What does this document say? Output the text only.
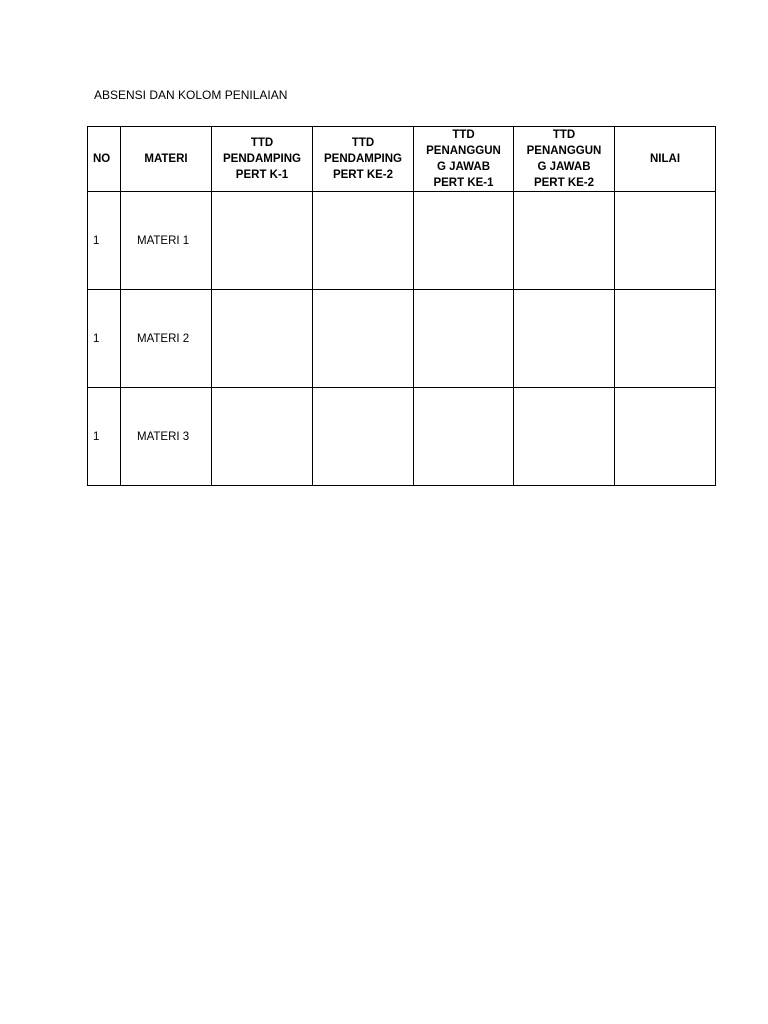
ABSENSI DAN KOLOM PENILAIAN
NO	MATERI	TTD
PENDAMPING
PERT K-1	TTD
PENDAMPING
PERT KE-2	TTD
PENANGGUN
G JAWAB
PERT KE-1	TTD
PENANGGUN
G JAWAB
PERT KE-2	NILAI

1	MATERI 1					
1	MATERI 2					
1	MATERI 3					
